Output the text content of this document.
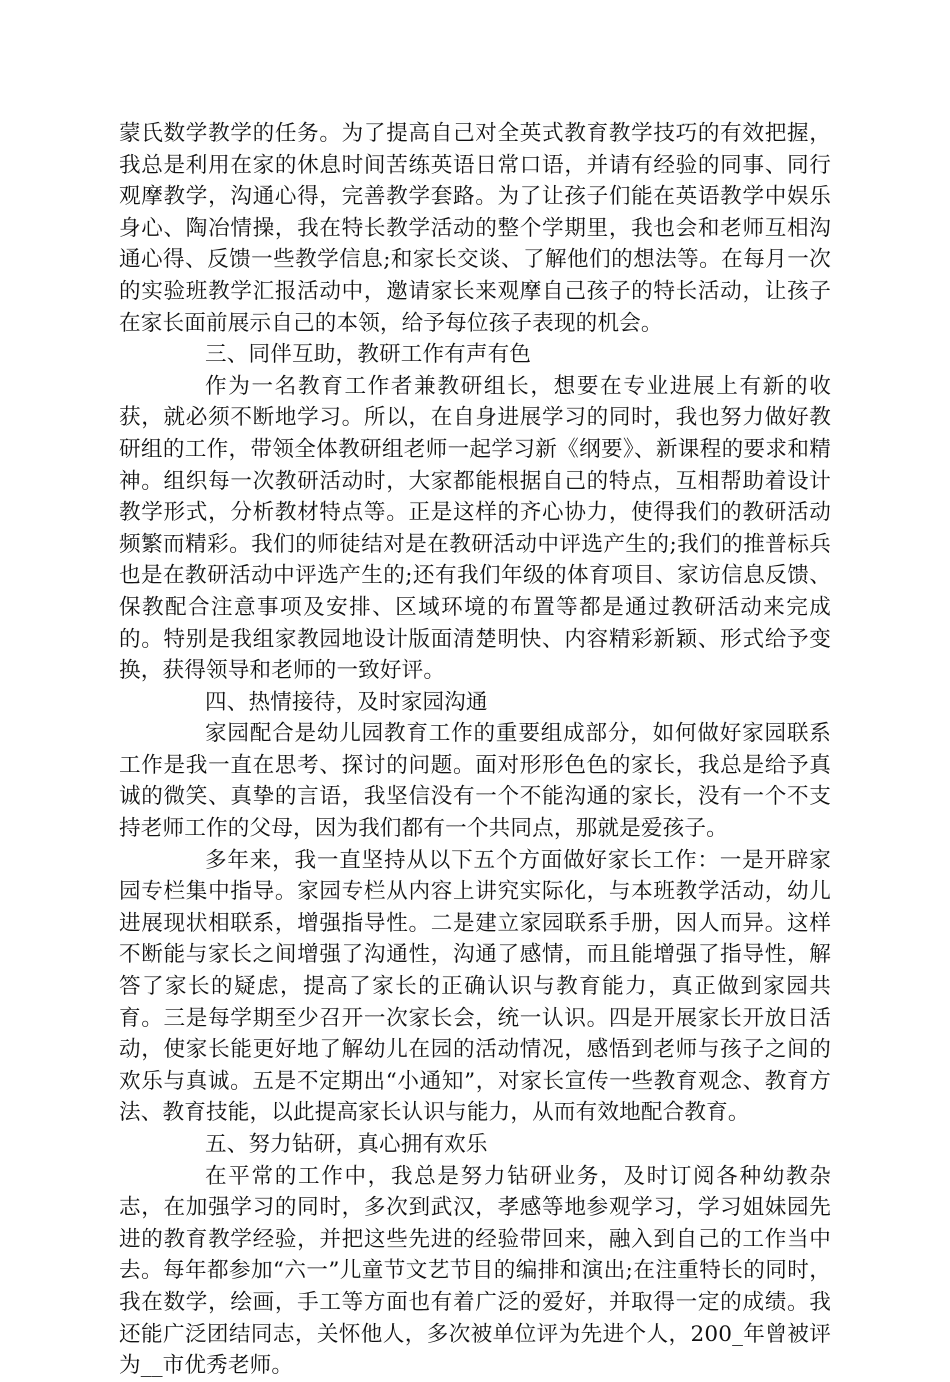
蒙氏数学教学的任务。为了提高自己对全英式教育教学技巧的有效把握，我总是利用在家的休息时间苦练英语日常口语，并请有经验的同事、同行观摩教学，沟通心得，完善教学套路。为了让孩子们能在英语教学中娱乐身心、陶冶情操，我在特长教学活动的整个学期里，我也会和老师互相沟通心得、反馈一些教学信息;和家长交谈、了解他们的想法等。在每月一次的实验班教学汇报活动中，邀请家长来观摩自己孩子的特长活动，让孩子在家长面前展示自己的本领，给予每位孩子表现的机会。

三、同伴互助，教研工作有声有色

作为一名教育工作者兼教研组长，想要在专业进展上有新的收获，就必须不断地学习。所以，在自身进展学习的同时，我也努力做好教研组的工作，带领全体教研组老师一起学习新《纲要》、新课程的要求和精神。组织每一次教研活动时，大家都能根据自己的特点，互相帮助着设计教学形式，分析教材特点等。正是这样的齐心协力，使得我们的教研活动频繁而精彩。我们的师徒结对是在教研活动中评选产生的;我们的推普标兵也是在教研活动中评选产生的;还有我们年级的体育项目、家访信息反馈、保教配合注意事项及安排、区域环境的布置等都是通过教研活动来完成的。特别是我组家教园地设计版面清楚明快、内容精彩新颖、形式给予变换，获得领导和老师的一致好评。

四、热情接待，及时家园沟通

家园配合是幼儿园教育工作的重要组成部分，如何做好家园联系工作是我一直在思考、探讨的问题。面对形形色色的家长，我总是给予真诚的微笑、真挚的言语，我坚信没有一个不能沟通的家长，没有一个不支持老师工作的父母，因为我们都有一个共同点，那就是爱孩子。

多年来，我一直坚持从以下五个方面做好家长工作：一是开辟家园专栏集中指导。家园专栏从内容上讲究实际化，与本班教学活动，幼儿进展现状相联系，增强指导性。二是建立家园联系手册，因人而异。这样不断能与家长之间增强了沟通性，沟通了感情，而且能增强了指导性，解答了家长的疑虑，提高了家长的正确认识与教育能力，真正做到家园共育。三是每学期至少召开一次家长会，统一认识。四是开展家长开放日活动，使家长能更好地了解幼儿在园的活动情况，感悟到老师与孩子之间的欢乐与真诚。五是不定期出“小通知”，对家长宣传一些教育观念、教育方法、教育技能，以此提高家长认识与能力，从而有效地配合教育。

五、努力钻研，真心拥有欢乐

在平常的工作中，我总是努力钻研业务，及时订阅各种幼教杂志，在加强学习的同时，多次到武汉，孝感等地参观学习，学习姐妹园先进的教育教学经验，并把这些先进的经验带回来，融入到自己的工作当中去。每年都参加“六一”儿童节文艺节目的编排和演出;在注重特长的同时，我在数学，绘画，手工等方面也有着广泛的爱好，并取得一定的成绩。我还能广泛团结同志，关怀他人，多次被单位评为先进个人，200_年曾被评为__市优秀老师。
